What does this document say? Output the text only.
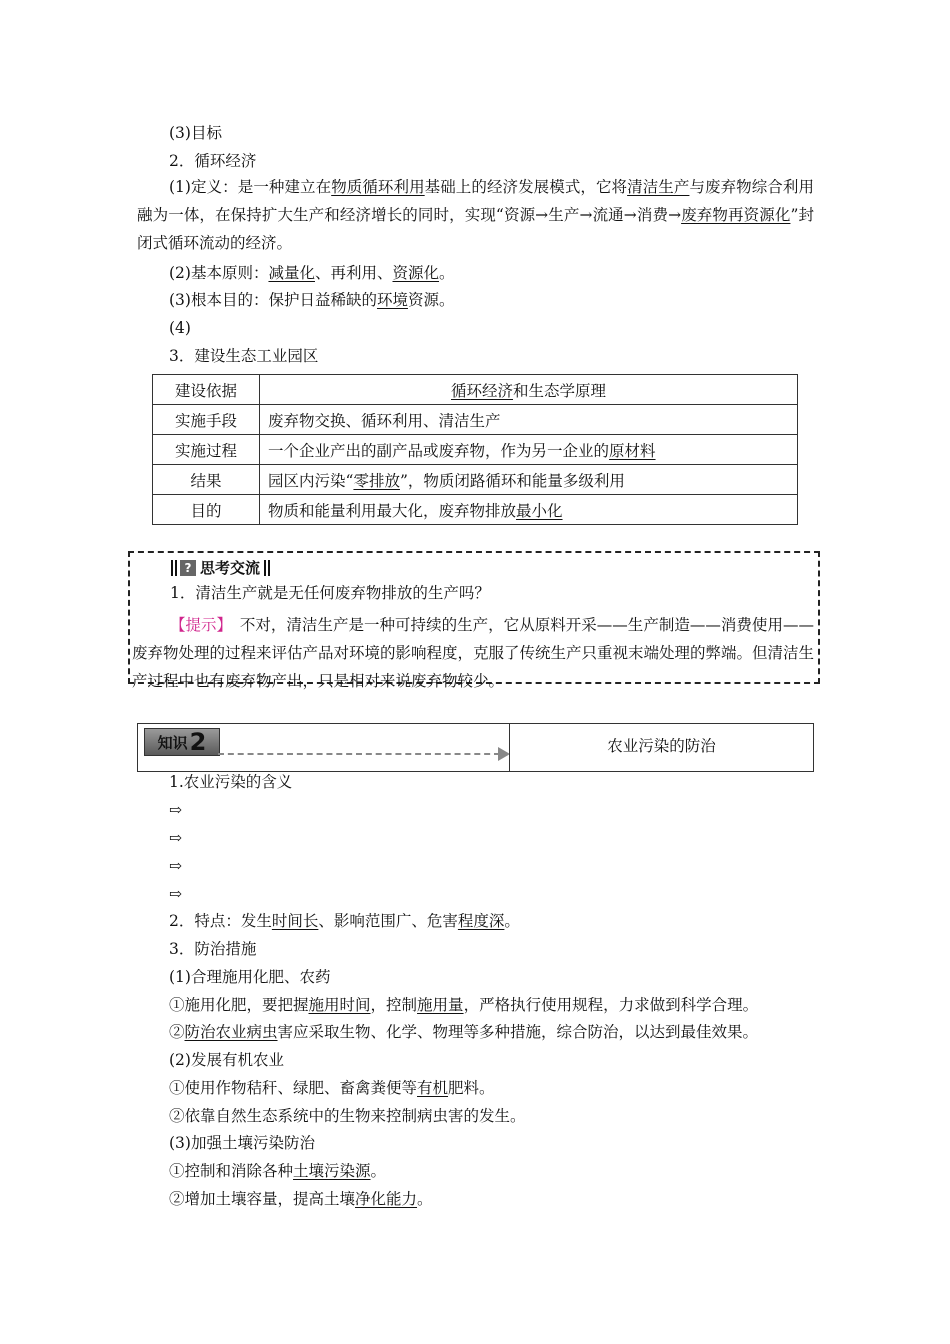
(3)目标
2．循环经济
(1)定义：是一种建立在物质循环利用基础上的经济发展模式，它将清洁生产与废弃物综合利用融为一体，在保持扩大生产和经济增长的同时，实现“资源→生产→流通→消费→废弃物再资源化”封闭式循环流动的经济。
(2)基本原则：减量化、再利用、资源化。
(3)根本目的：保护日益稀缺的环境资源。
(4)
3．建设生态工业园区
建设依据	循环经济和生态学原理
实施手段	废弃物交换、循环利用、清洁生产
实施过程	一个企业产出的副产品或废弃物，作为另一企业的原材料
结果	园区内污染“零排放”，物质闭路循环和能量多级利用
目的	物质和能量利用最大化，废弃物排放最小化
? 思考交流
1．清洁生产就是无任何废弃物排放的生产吗？
【提示】　不对，清洁生产是一种可持续的生产，它从原料开采——生产制造——消费使用——废弃物处理的过程来评估产品对环境的影响程度，克服了传统生产只重视末端处理的弊端。但清洁生产过程中也有废弃物产出，只是相对来说废弃物较少。
知识 2	农业污染的防治
1.农业污染的含义
⇨
⇨
⇨
⇨
2．特点：发生时间长、影响范围广、危害程度深。
3．防治措施
(1)合理施用化肥、农药
①施用化肥，要把握施用时间，控制施用量，严格执行使用规程，力求做到科学合理。
②防治农业病虫害应采取生物、化学、物理等多种措施，综合防治，以达到最佳效果。
(2)发展有机农业
①使用作物秸秆、绿肥、畜禽粪便等有机肥料。
②依靠自然生态系统中的生物来控制病虫害的发生。
(3)加强土壤污染防治
①控制和消除各种土壤污染源。
②增加土壤容量，提高土壤净化能力。
